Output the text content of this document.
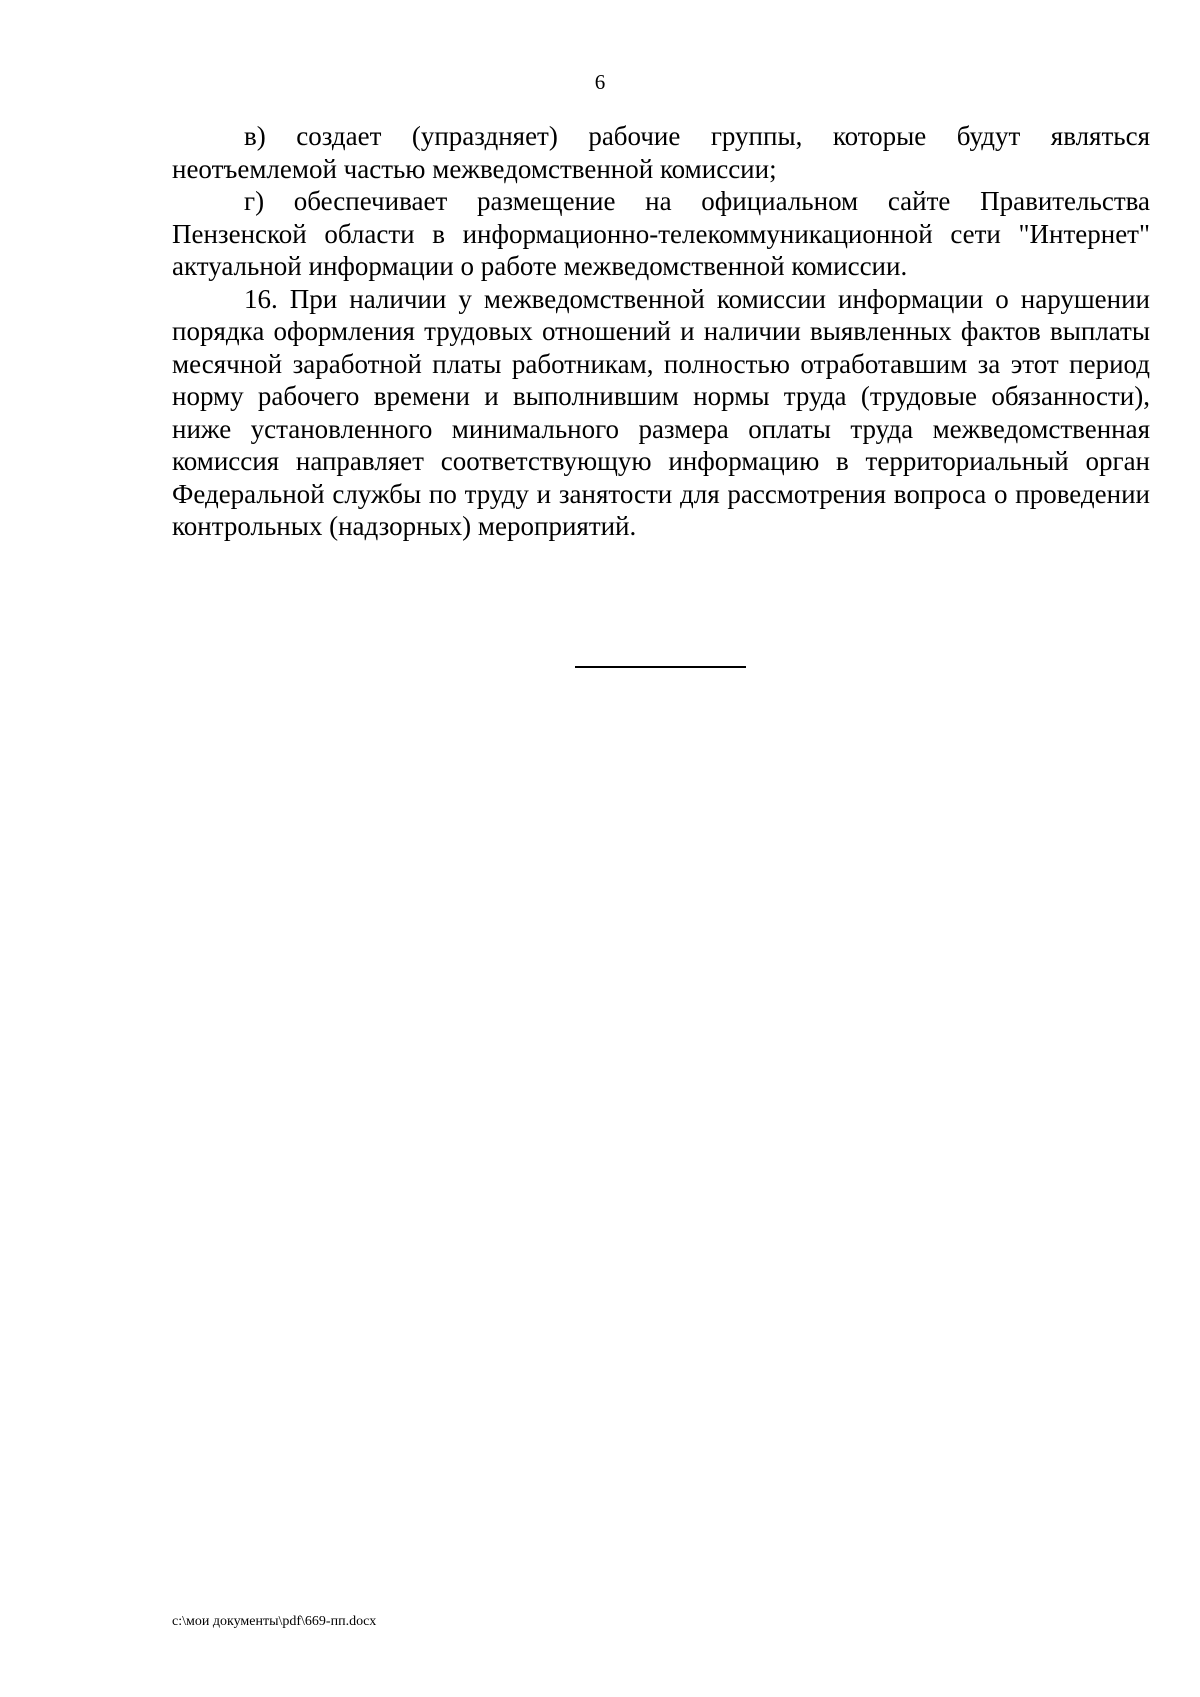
6

в) создает (упраздняет) рабочие группы, которые будут являться неотъемлемой частью межведомственной комиссии;

г) обеспечивает размещение на официальном сайте Правительства Пензенской области в информационно-телекоммуникационной сети "Интернет" актуальной информации о работе межведомственной комиссии.

16. При наличии у межведомственной комиссии информации о нарушении порядка оформления трудовых отношений и наличии выявленных фактов выплаты месячной заработной платы работникам, полностью отработавшим за этот период норму рабочего времени и выполнившим нормы труда (трудовые обязанности), ниже установленного минимального размера оплаты труда межведомственная комиссия направляет соответствующую информацию в территориальный орган Федеральной службы по труду и занятости для рассмотрения вопроса о проведении контрольных (надзорных) мероприятий.

c:\мои документы\pdf\669-пп.docx
